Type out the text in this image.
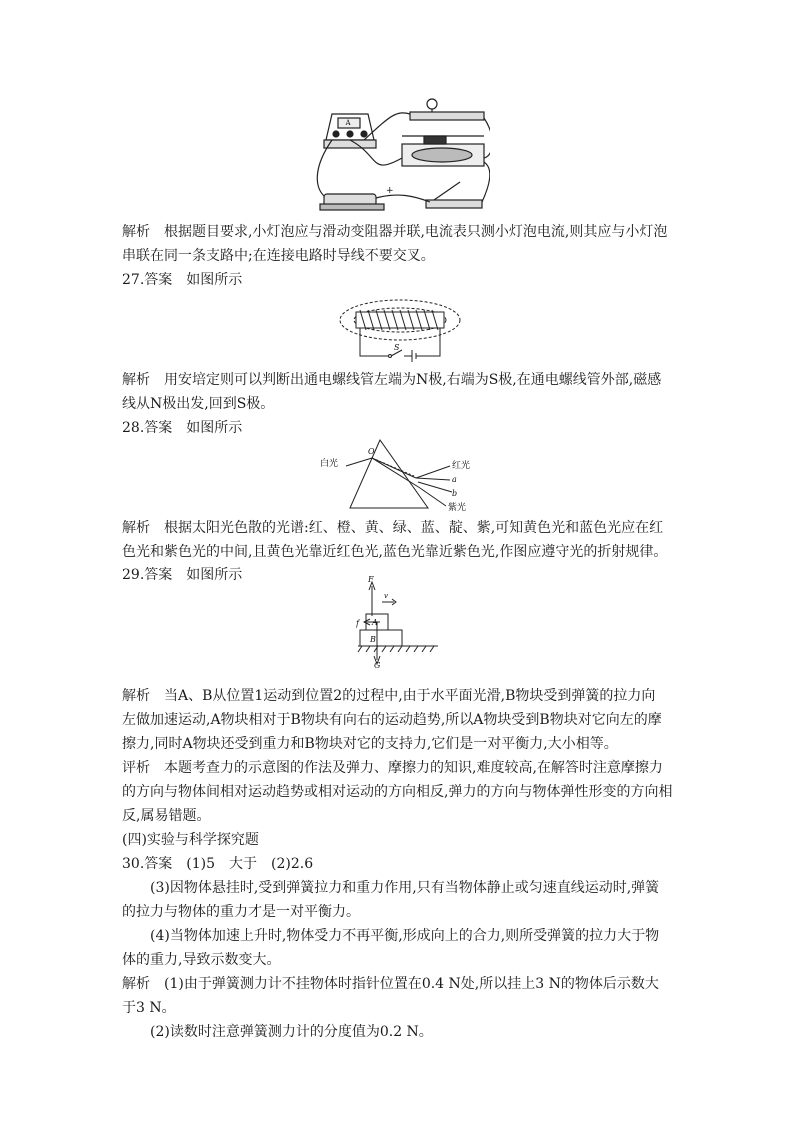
A
+
解析　根据题目要求,小灯泡应与滑动变阻器并联,电流表只测小灯泡电流,则其应与小灯泡
串联在同一条支路中;在连接电路时导线不要交叉。
27.答案　如图所示
S
解析　用安培定则可以判断出通电螺线管左端为N极,右端为S极,在通电螺线管外部,磁感
线从N极出发,回到S极。
28.答案　如图所示
白光
O
红光
a
b
紫光
解析　根据太阳光色散的光谱:红、橙、黄、绿、蓝、靛、紫,可知黄色光和蓝色光应在红
色光和紫色光的中间,且黄色光靠近红色光,蓝色光靠近紫色光,作图应遵守光的折射规律。
29.答案　如图所示	F
f
v
A
B
G
解析　当A、B从位置1运动到位置2的过程中,由于水平面光滑,B物块受到弹簧的拉力向
左做加速运动,A物块相对于B物块有向右的运动趋势,所以A物块受到B物块对它向左的摩
擦力,同时A物块还受到重力和B物块对它的支持力,它们是一对平衡力,大小相等。
评析　本题考查力的示意图的作法及弹力、摩擦力的知识,难度较高,在解答时注意摩擦力
的方向与物体间相对运动趋势或相对运动的方向相反,弹力的方向与物体弹性形变的方向相
反,属易错题。
(四)实验与科学探究题
30.答案　(1)5　大于　(2)2.6
(3)因物体悬挂时,受到弹簧拉力和重力作用,只有当物体静止或匀速直线运动时,弹簧
的拉力与物体的重力才是一对平衡力。
(4)当物体加速上升时,物体受力不再平衡,形成向上的合力,则所受弹簧的拉力大于物
体的重力,导致示数变大。
解析　(1)由于弹簧测力计不挂物体时指针位置在0.4 N处,所以挂上3 N的物体后示数大
于3 N。
(2)读数时注意弹簧测力计的分度值为0.2 N。
